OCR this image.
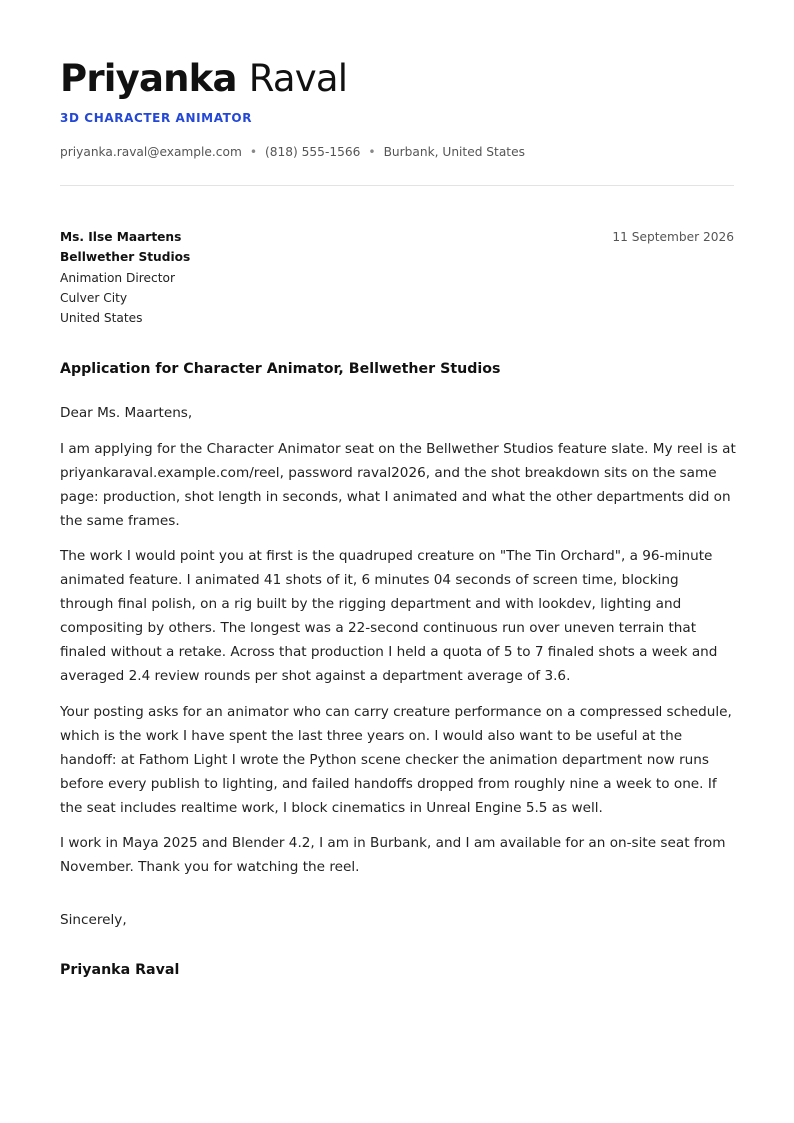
Priyanka Raval
3D CHARACTER ANIMATOR
priyanka.raval@example.com • (818) 555-1566 • Burbank, United States
Ms. Ilse Maartens
Bellwether Studios
Animation Director
Culver City
United States
11 September 2026
Application for Character Animator, Bellwether Studios

Dear Ms. Maartens,

I am applying for the Character Animator seat on the Bellwether Studios feature slate. My reel is at priyankaraval.example.com/reel, password raval2026, and the shot breakdown sits on the same page: production, shot length in seconds, what I animated and what the other departments did on the same frames.

The work I would point you at first is the quadruped creature on "The Tin Orchard", a 96-minute animated feature. I animated 41 shots of it, 6 minutes 04 seconds of screen time, blocking through final polish, on a rig built by the rigging department and with lookdev, lighting and compositing by others. The longest was a 22-second continuous run over uneven terrain that finaled without a retake. Across that production I held a quota of 5 to 7 finaled shots a week and averaged 2.4 review rounds per shot against a department average of 3.6.

Your posting asks for an animator who can carry creature performance on a compressed schedule, which is the work I have spent the last three years on. I would also want to be useful at the handoff: at Fathom Light I wrote the Python scene checker the animation department now runs before every publish to lighting, and failed handoffs dropped from roughly nine a week to one. If the seat includes realtime work, I block cinematics in Unreal Engine 5.5 as well.

I work in Maya 2025 and Blender 4.2, I am in Burbank, and I am available for an on-site seat from November. Thank you for watching the reel.

Sincerely,
Priyanka Raval
